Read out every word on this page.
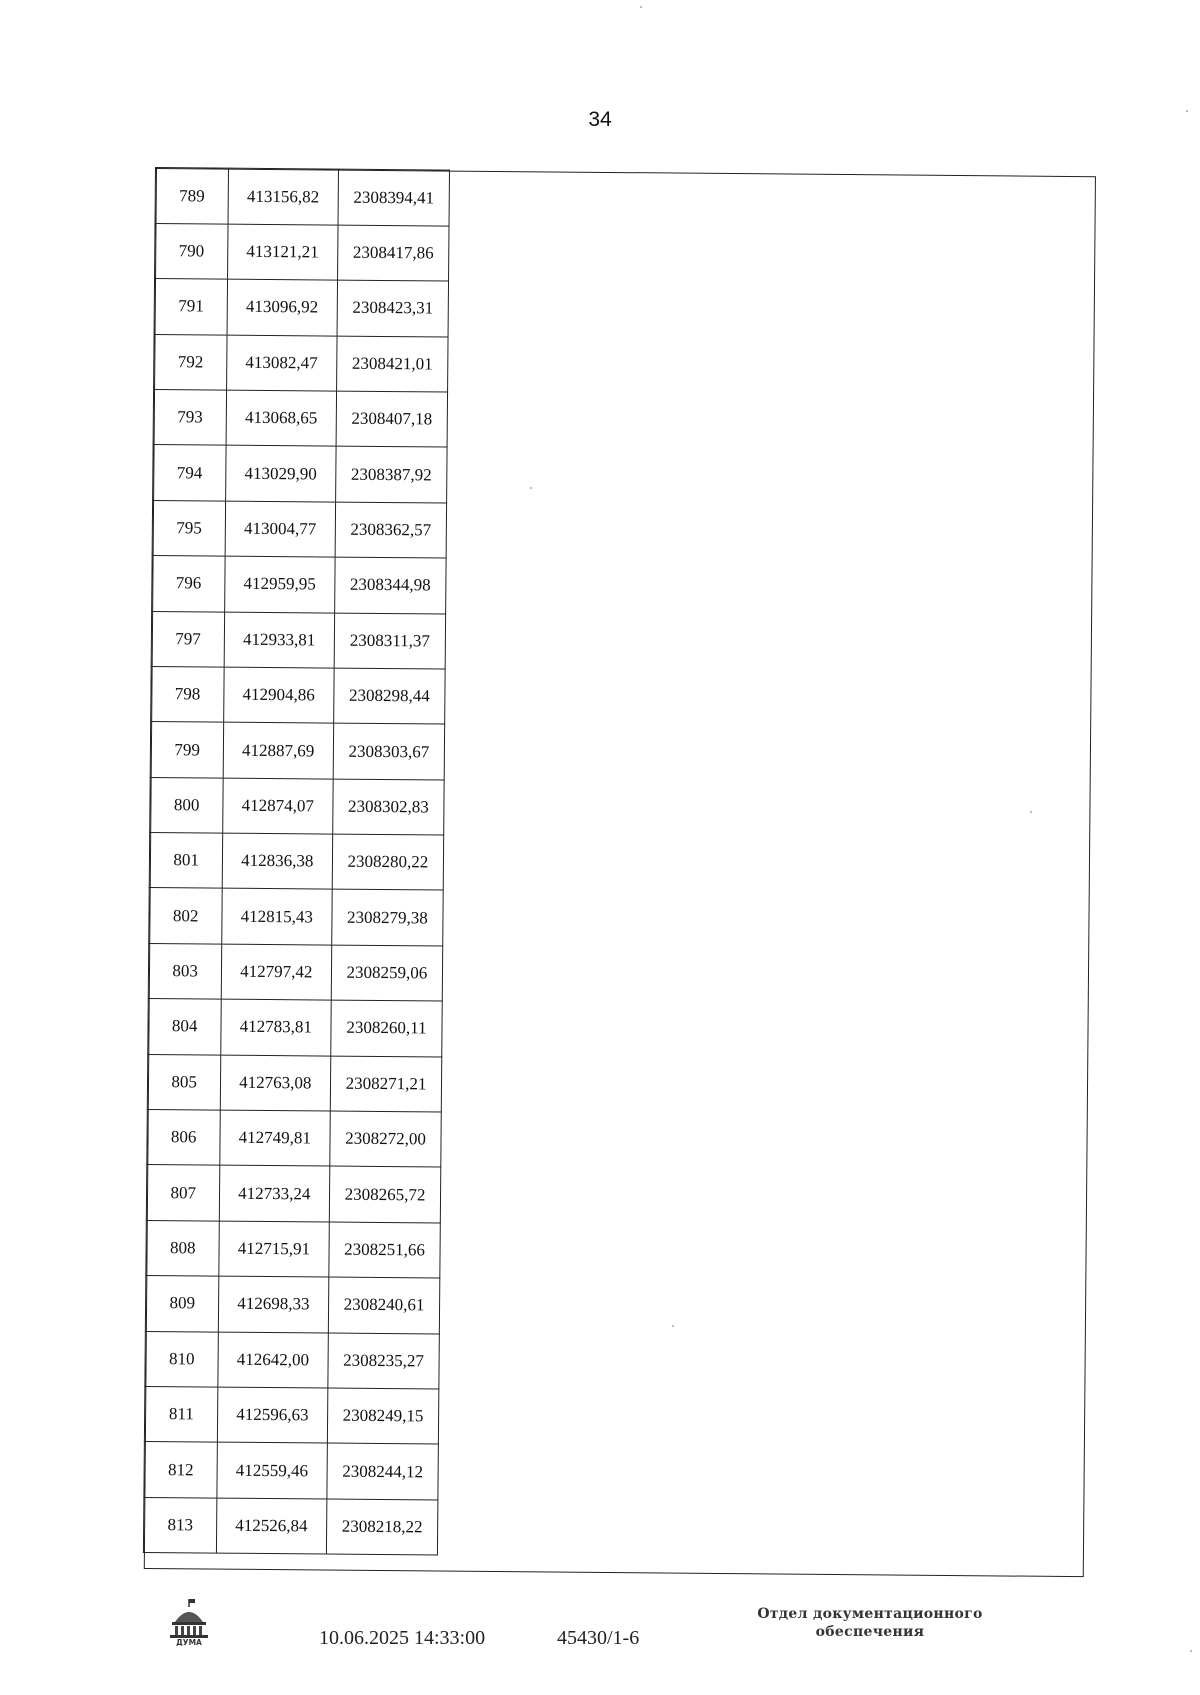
34
789	413156,82	2308394,41	
790	413121,21	2308417,86	
791	413096,92	2308423,31	
792	413082,47	2308421,01	
793	413068,65	2308407,18	
794	413029,90	2308387,92	
795	413004,77	2308362,57	
796	412959,95	2308344,98	
797	412933,81	2308311,37	
798	412904,86	2308298,44	
799	412887,69	2308303,67	
800	412874,07	2308302,83	
801	412836,38	2308280,22	
802	412815,43	2308279,38	
803	412797,42	2308259,06	
804	412783,81	2308260,11	
805	412763,08	2308271,21	
806	412749,81	2308272,00	
807	412733,24	2308265,72	
808	412715,91	2308251,66	
809	412698,33	2308240,61	
810	412642,00	2308235,27	
811	412596,63	2308249,15	
812	412559,46	2308244,12	
813	412526,84	2308218,22	
ДУМА	10.06.2025 14:33:00	45430/1-6
Отдел документационного
обеспечения
